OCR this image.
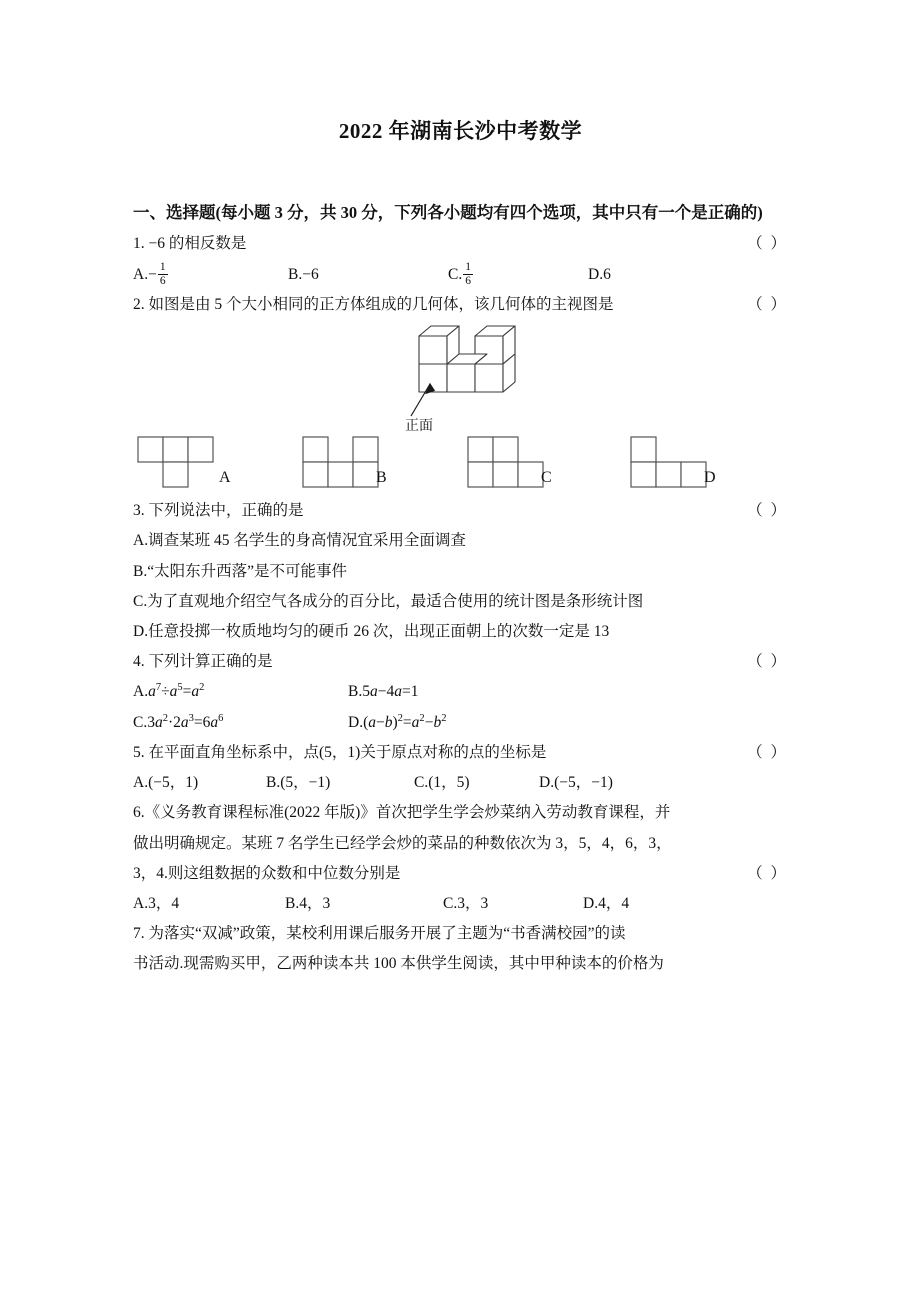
2022 年湖南长沙中考数学
一、选择题(每小题 3 分，共 30 分，下列各小题均有四个选项，其中只有一个是正确的)
（ ）
1. −6 的相反数是
$A.- \frac{1}{6}$	B.−6	C. $\frac{1}{6}$	D.6
（ ）
2. 如图是由 5 个大小相同的正方体组成的几何体，该几何体的主视图是
正面
A	B	C	D
（ ）
3. 下列说法中，正确的是
A.调查某班 45 名学生的身高情况宜采用全面调查
B.“太阳东升西落”是不可能事件
C.为了直观地介绍空气各成分的百分比，最适合使用的统计图是条形统计图
D.任意投掷一枚质地均匀的硬币 26 次，出现正面朝上的次数一定是 13
（ ）
4. 下列计算正确的是
$A.a^7\div a^5=a^2$	B.5a−4a=1
$C.3a^2\cdot 2a^3=6a^6$	$D.(a-b)^2=a^2-b^2$
（ ）
5. 在平面直角坐标系中，点(5，1)关于原点对称的点的坐标是
A.(−5，1)	B.(5，−1)	C.(1，5)	D.(−5，−1)
6.《义务教育课程标准(2022 年版)》首次把学生学会炒菜纳入劳动教育课程，并
做出明确规定。某班 7 名学生已经学会炒的菜品的种数依次为 3，5，4，6，3，
（ ）
3，4.则这组数据的众数和中位数分别是
A.3，4	B.4，3	C.3，3	D.4，4
7. 为落实“双减”政策，某校利用课后服务开展了主题为“书香满校园”的读
书活动.现需购买甲，乙两种读本共 100 本供学生阅读，其中甲种读本的价格为
